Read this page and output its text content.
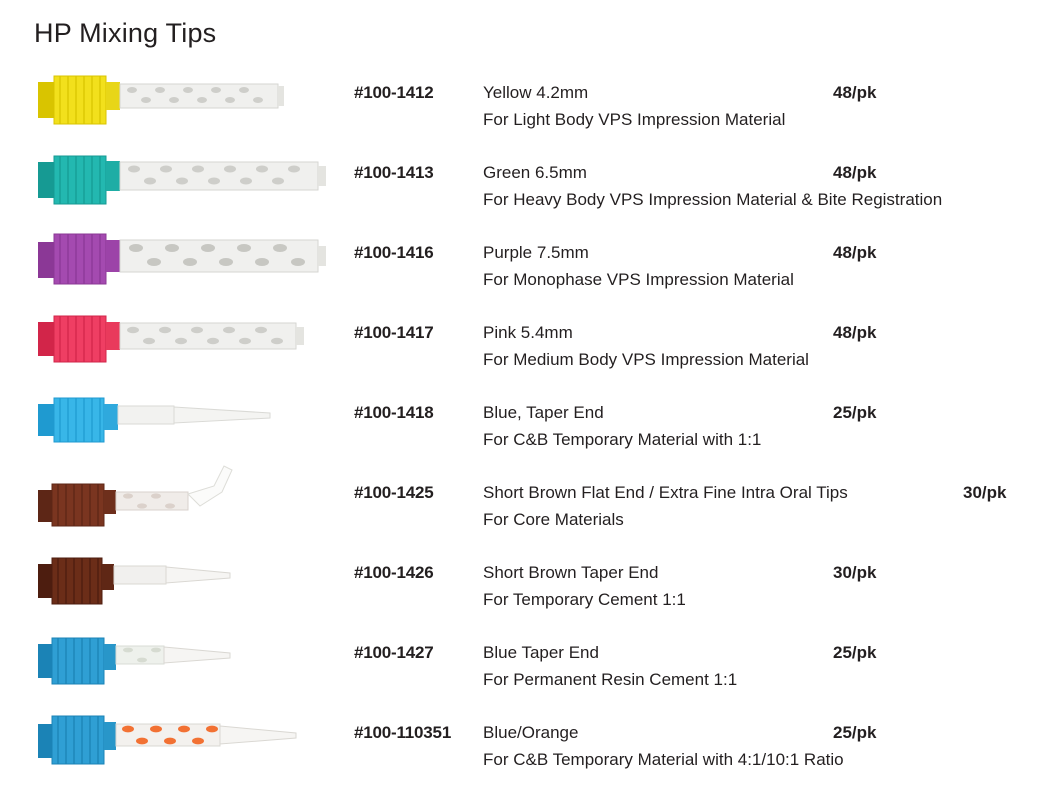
HP Mixing Tips
#100-1412	Yellow 4.2mm	48/pk
For Light Body VPS Impression Material
#100-1413	Green 6.5mm	48/pk
For Heavy Body VPS Impression Material & Bite Registration
#100-1416	Purple 7.5mm	48/pk
For Monophase VPS Impression Material
#100-1417	Pink 5.4mm	48/pk
For Medium Body VPS Impression Material
#100-1418	Blue, Taper End	25/pk
For C&B Temporary Material with 1:1
#100-1425	Short Brown Flat End / Extra Fine Intra Oral Tips	30/pk
For Core Materials
#100-1426	Short Brown Taper End	30/pk
For Temporary Cement 1:1
#100-1427	Blue Taper End	25/pk
For Permanent Resin Cement 1:1
#100-110351 Blue/Orange	25/pk
For C&B Temporary Material with 4:1/10:1 Ratio
